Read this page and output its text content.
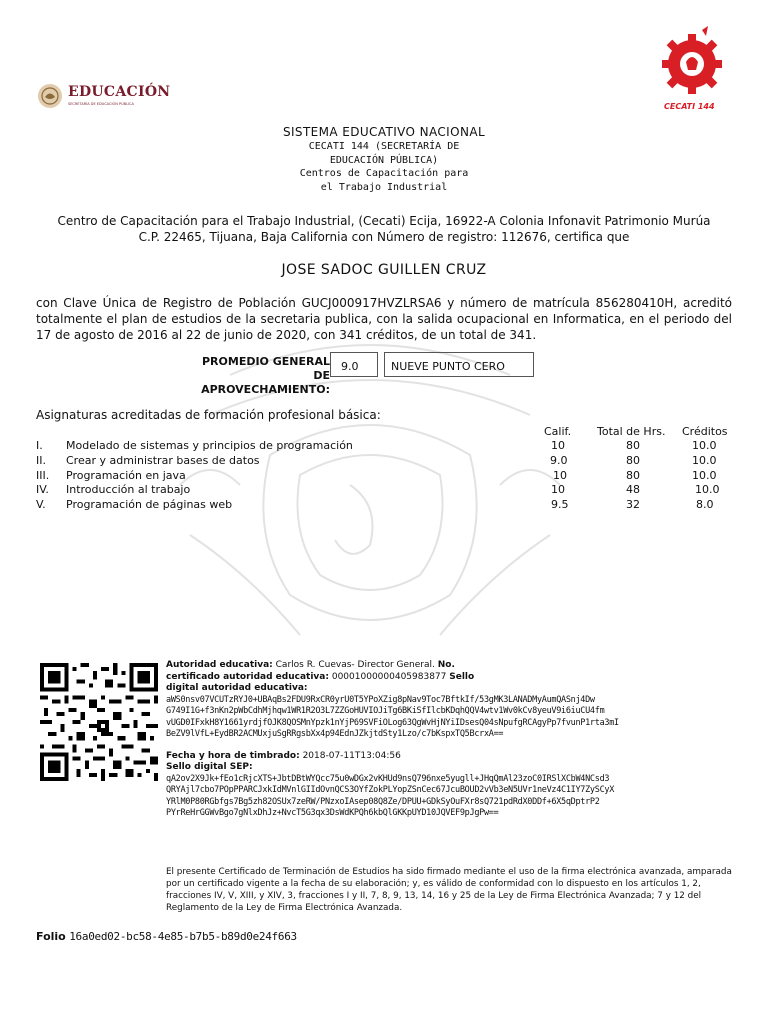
EDUCACIÓN
SECRETARÍA DE EDUCACIÓN PÚBLICA	CECATI 144
SISTEMA EDUCATIVO NACIONAL
CECATI 144 (SECRETARÍA DE
EDUCACIÓN PÚBLICA)
Centros de Capacitación para
el Trabajo Industrial
Centro de Capacitación para el Trabajo Industrial, (Cecati) Ecija, 16922-A Colonia Infonavit Patrimonio Murúa
C.P. 22465, Tijuana, Baja California con Número de registro: 112676, certifica que
JOSE SADOC GUILLEN CRUZ
con Clave Única de Registro de Población GUCJ000917HVZLRSA6 y número de matrícula 856280410H, acreditó totalmente el plan de estudios de la secretaria publica, con la salida ocupacional en Informatica, en el periodo del 17 de agosto de 2016 al 22 de junio de 2020, con 341 créditos, de un total de 341.
PROMEDIO GENERAL
DE APROVECHAMIENTO:
9.0	NUEVE PUNTO CERO
Asignaturas acreditadas de formación profesional básica:
Calif. Total de Hrs. Créditos
I.	Modelado de sistemas y principios de programación	10	80	10.0
II.	Crear y administrar bases de datos	9.0	80	10.0
III.	Programación en java	10	80	10.0
IV.	Introducción al trabajo	10	48	10.0
V.	Programación de páginas web	9.5	32	8.0
Autoridad educativa: Carlos R. Cuevas- Director General. No.
certificado autoridad educativa: 00001000000405983877 Sello
digital autoridad educativa:
aWS0nsv07VCUTzRYJ0+UBAqBs2FDU9RxCR0yrU0T5YPoXZig8pNav9Toc7BftkIf/53gMK3LANADMyAumQASnj4Dw
G749I1G+f3nKn2pWbCdhMjhqw1WR1R2O3L7ZZGoHUVIOJiTg6BKiSfIlcbKDqhQQV4wtv1Wv0kCv8yeuV9i6iuCU4fm
vUGD0IFxkH8Y1661yrdjfOJK8QOSMnYpzk1nYjP69SVFiOLog63QgWvHjNYiIDsesQ04sNpufgRCAgyPp7fvunP1rta3mI
BeZV9lVfL+EydBR2ACMUxjuSgRRgsbXx4p94EdnJZkjtdSty1Lzo/c7bKspxTQ5BcrxA==
Fecha y hora de timbrado: 2018-07-11T13:04:56
Sello digital SEP:
qA2ov2X9Jk+fEo1cRjcXTS+JbtDBtWYQcc75u0wDGx2vKHUd9nsQ796nxe5yugll+JHqQmAl23zoC0IRSlXCbW4NCsd3
QRYAjl7cbo7POpPPARCJxkIdMVnlGIIdOvnQCS3OYfZokPLYopZSnCec67JcuBOUD2vVb3eN5UVr1neVz4C1IY7ZySCyX
YRlM0P80RGbfgs7Bg5zh82OSUx7zeRW/PNzxoIAsep08Q8Ze/DPUU+GDkSyOuFXr8sQ721pdRdX0DDf+6X5qDptrP2
PYrReHrGGWvBgo7gNlxDhJz+NvcT5G3qx3DsWdKPQh6kbQlGKKpUYD10JQVEF9pJgPw==
El presente Certificado de Terminación de Estudios ha sido firmado mediante el uso de la firma electrónica avanzada, amparada por un certificado vigente a la fecha de su elaboración; y, es válido de conformidad con lo dispuesto en los artículos 1, 2, fracciones IV, V, XIII, y XIV, 3, fracciones I y II, 7, 8, 9, 13, 14, 16 y 25 de la Ley de Firma Electrónica Avanzada; 7 y 12 del Reglamento de la Ley de Firma Electrónica Avanzada.
Folio 16a0ed02-bc58-4e85-b7b5-b89d0e24f663
